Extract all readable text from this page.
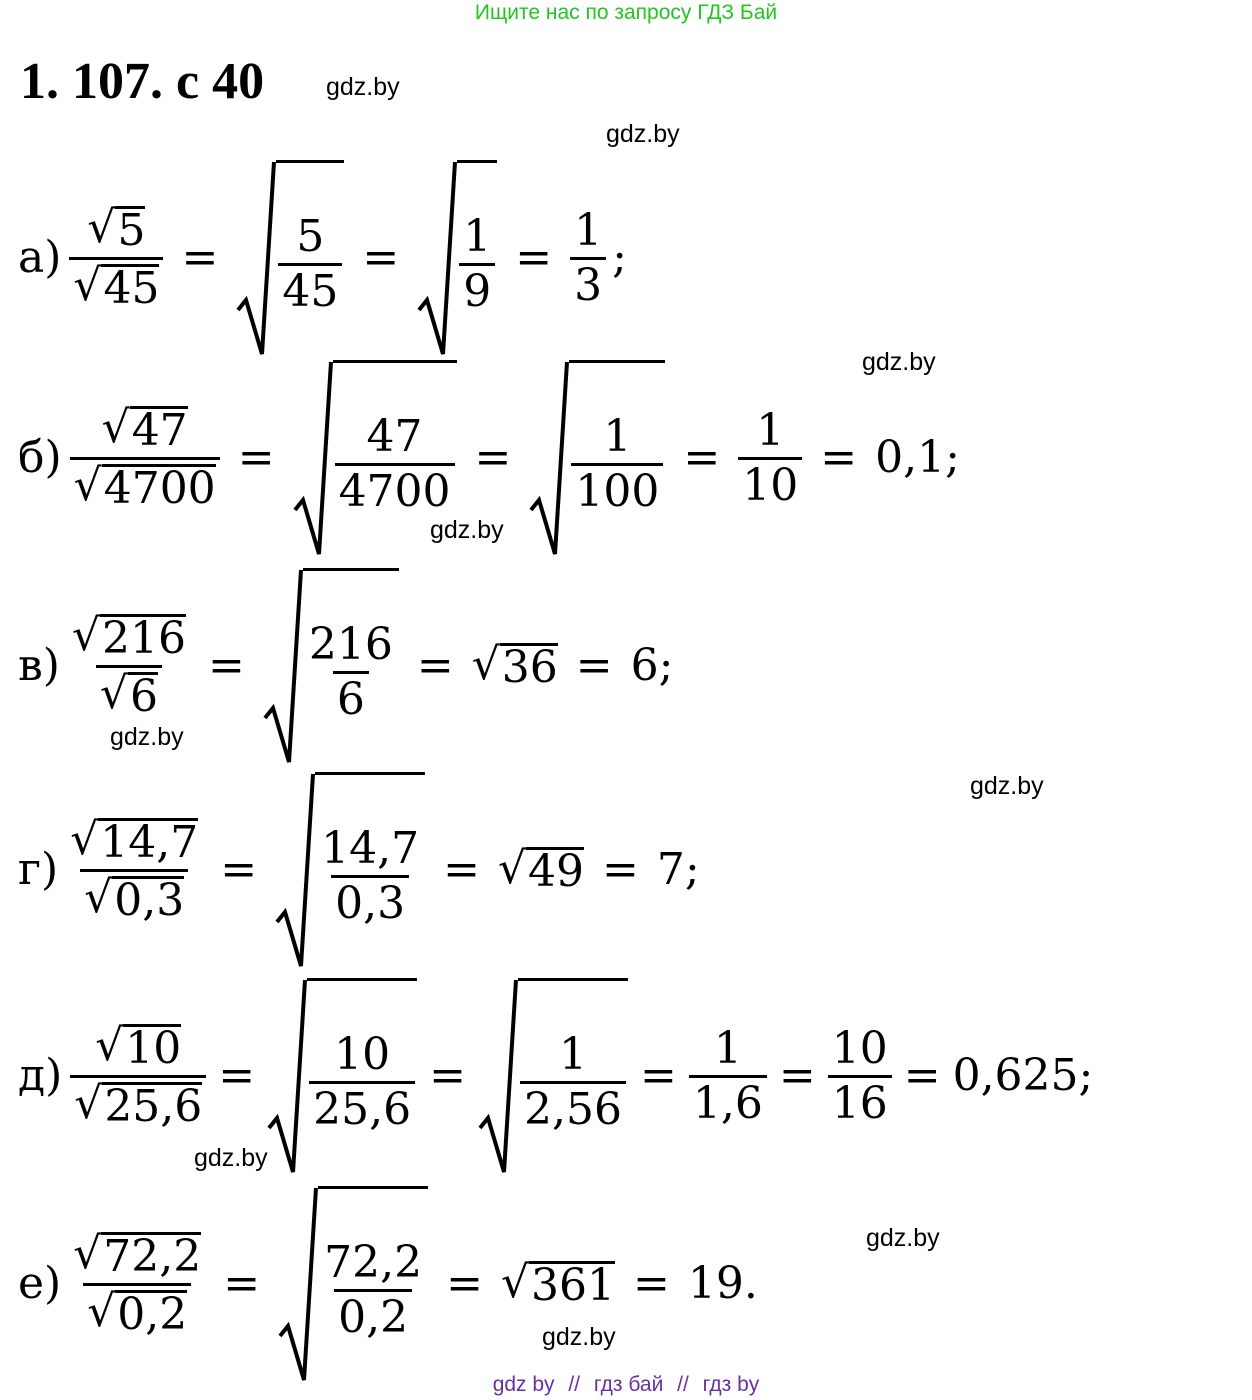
Ищите нас по запросу ГДЗ Бай
1. 107. с 40 gdz.by
gdz.by
gdz.by
gdz.by
gdz.by
gdz.by
gdz.by
gdz.by
gdz.by
$а) \frac{√ 5}{√ 45} = \frac{5}{45} = \frac{1}{9} = \frac{1}{3}$ ;
$б) \frac{√ 47}{√ 4700} = \frac{47}{4700} = \frac{1}{100} = \frac{1}{10} = 0,1$;
$в) \frac{√ 216}{√ 6} = \frac{216}{6}$ = √ 36 = 6;
$г) \frac{√ 14,7}{√ 0,3} = \frac{14,7}{0,3}$ = √ 49 = 7;
$д) \frac{√ 10}{√ 25,6} = \frac{10}{25,6} = \frac{1}{2,56} = \frac{1}{1,6} = \frac{10}{16} = 0,625$;
$е) \frac{√ 72,2}{√ 0,2} = \frac{72,2}{0,2}$ = √ 361 = 19.
gdz by // гдз бай // гдз by
